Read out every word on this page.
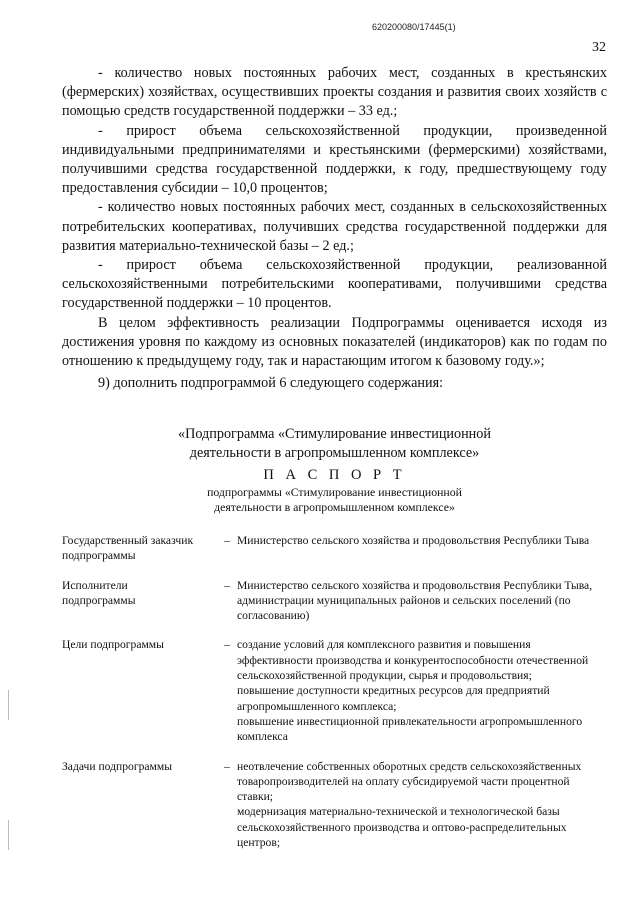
620200080/17445(1)
32

- количество новых постоянных рабочих мест, созданных в крестьянских (фермерских) хозяйствах, осуществивших проекты создания и развития своих хозяйств с помощью средств государственной поддержки – 33 ед.;

- прирост объема сельскохозяйственной продукции, произведенной индивидуальными предпринимателями и крестьянскими (фермерскими) хозяйствами, получившими средства государственной поддержки, к году, предшествующему году предоставления субсидии – 10,0 процентов;

- количество новых постоянных рабочих мест, созданных в сельскохозяйственных потребительских кооперативах, получивших средства государственной поддержки для развития материально-технической базы – 2 ед.;

- прирост объема сельскохозяйственной продукции, реализованной сельскохозяйственными потребительскими кооперативами, получившими средства государственной поддержки – 10 процентов.

В целом эффективность реализации Подпрограммы оценивается исходя из достижения уровня по каждому из основных показателей (индикаторов) как по годам по отношению к предыдущему году, так и нарастающим итогом к базовому году.»;

9) дополнить подпрограммой 6 следующего содержания:

«Подпрограмма «Стимулирование инвестиционной

деятельности в агропромышленном комплексе»

П А С П О Р Т
подпрограммы «Стимулирование инвестиционной
деятельности в агропромышленном комплексе»
Государственный заказчик
подпрограммы
– Министерство сельского хозяйства и продовольствия Республики Тыва

Исполнители
подпрограммы
– Министерство сельского хозяйства и продовольствия Республики Тыва, администрации муниципальных районов и сельских поселений (по согласованию)

Цели подпрограммы	– создание условий для комплексного развития и повышения эффективности производства и конкурентоспособности отечественной сельскохозяйственной продукции, сырья и продовольствия;

повышение доступности кредитных ресурсов для предприятий агропромышленного комплекса;

повышение инвестиционной привлекательности агропромышленного комплекса

Задачи подпрограммы	– неотвлечение собственных оборотных средств сельскохозяйственных товаропроизводителей на оплату субсидируемой части процентной ставки;

модернизация материально-технической и технологической базы сельскохозяйственного производства и оптово-распределительных центров;
